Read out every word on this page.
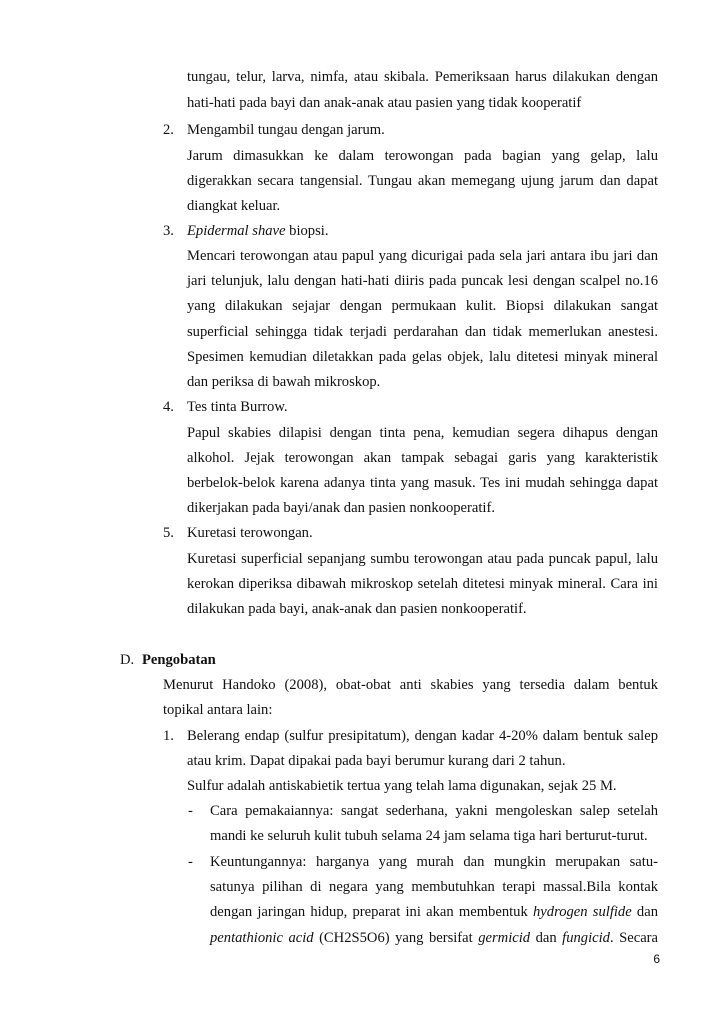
tungau, telur, larva, nimfa, atau skibala. Pemeriksaan harus dilakukan dengan
hati-hati pada bayi dan anak-anak atau pasien yang tidak kooperatif
2. Mengambil tungau dengan jarum.
Jarum dimasukkan ke dalam terowongan pada bagian yang gelap, lalu
digerakkan secara tangensial. Tungau akan memegang ujung jarum dan dapat
diangkat keluar.
3. Epidermal shave biopsi.
Mencari terowongan atau papul yang dicurigai pada sela jari antara ibu jari dan
jari telunjuk, lalu dengan hati-hati diiris pada puncak lesi dengan scalpel no.16
yang dilakukan sejajar dengan permukaan kulit. Biopsi dilakukan sangat
superficial sehingga tidak terjadi perdarahan dan tidak memerlukan anestesi.
Spesimen kemudian diletakkan pada gelas objek, lalu ditetesi minyak mineral
dan periksa di bawah mikroskop.
4. Tes tinta Burrow.
Papul skabies dilapisi dengan tinta pena, kemudian segera dihapus dengan
alkohol. Jejak terowongan akan tampak sebagai garis yang karakteristik
berbelok-belok karena adanya tinta yang masuk. Tes ini mudah sehingga dapat
dikerjakan pada bayi/anak dan pasien nonkooperatif.
5. Kuretasi terowongan.
Kuretasi superficial sepanjang sumbu terowongan atau pada puncak papul, lalu
kerokan diperiksa dibawah mikroskop setelah ditetesi minyak mineral. Cara ini
dilakukan pada bayi, anak-anak dan pasien nonkooperatif.
D. Pengobatan
Menurut Handoko (2008), obat-obat anti skabies yang tersedia dalam bentuk
topikal antara lain:
1. Belerang endap (sulfur presipitatum), dengan kadar 4-20% dalam bentuk salep
atau krim. Dapat dipakai pada bayi berumur kurang dari 2 tahun.
Sulfur adalah antiskabietik tertua yang telah lama digunakan, sejak 25 M.
- Cara pemakaiannya: sangat sederhana, yakni mengoleskan salep setelah
mandi ke seluruh kulit tubuh selama 24 jam selama tiga hari berturut-turut.
- Keuntungannya: harganya yang murah dan mungkin merupakan satu-
satunya pilihan di negara yang membutuhkan terapi massal.Bila kontak
dengan jaringan hidup, preparat ini akan membentuk hydrogen sulfide dan
pentathionic acid (CH2S5O6) yang bersifat germicid dan fungicid. Secara
6
